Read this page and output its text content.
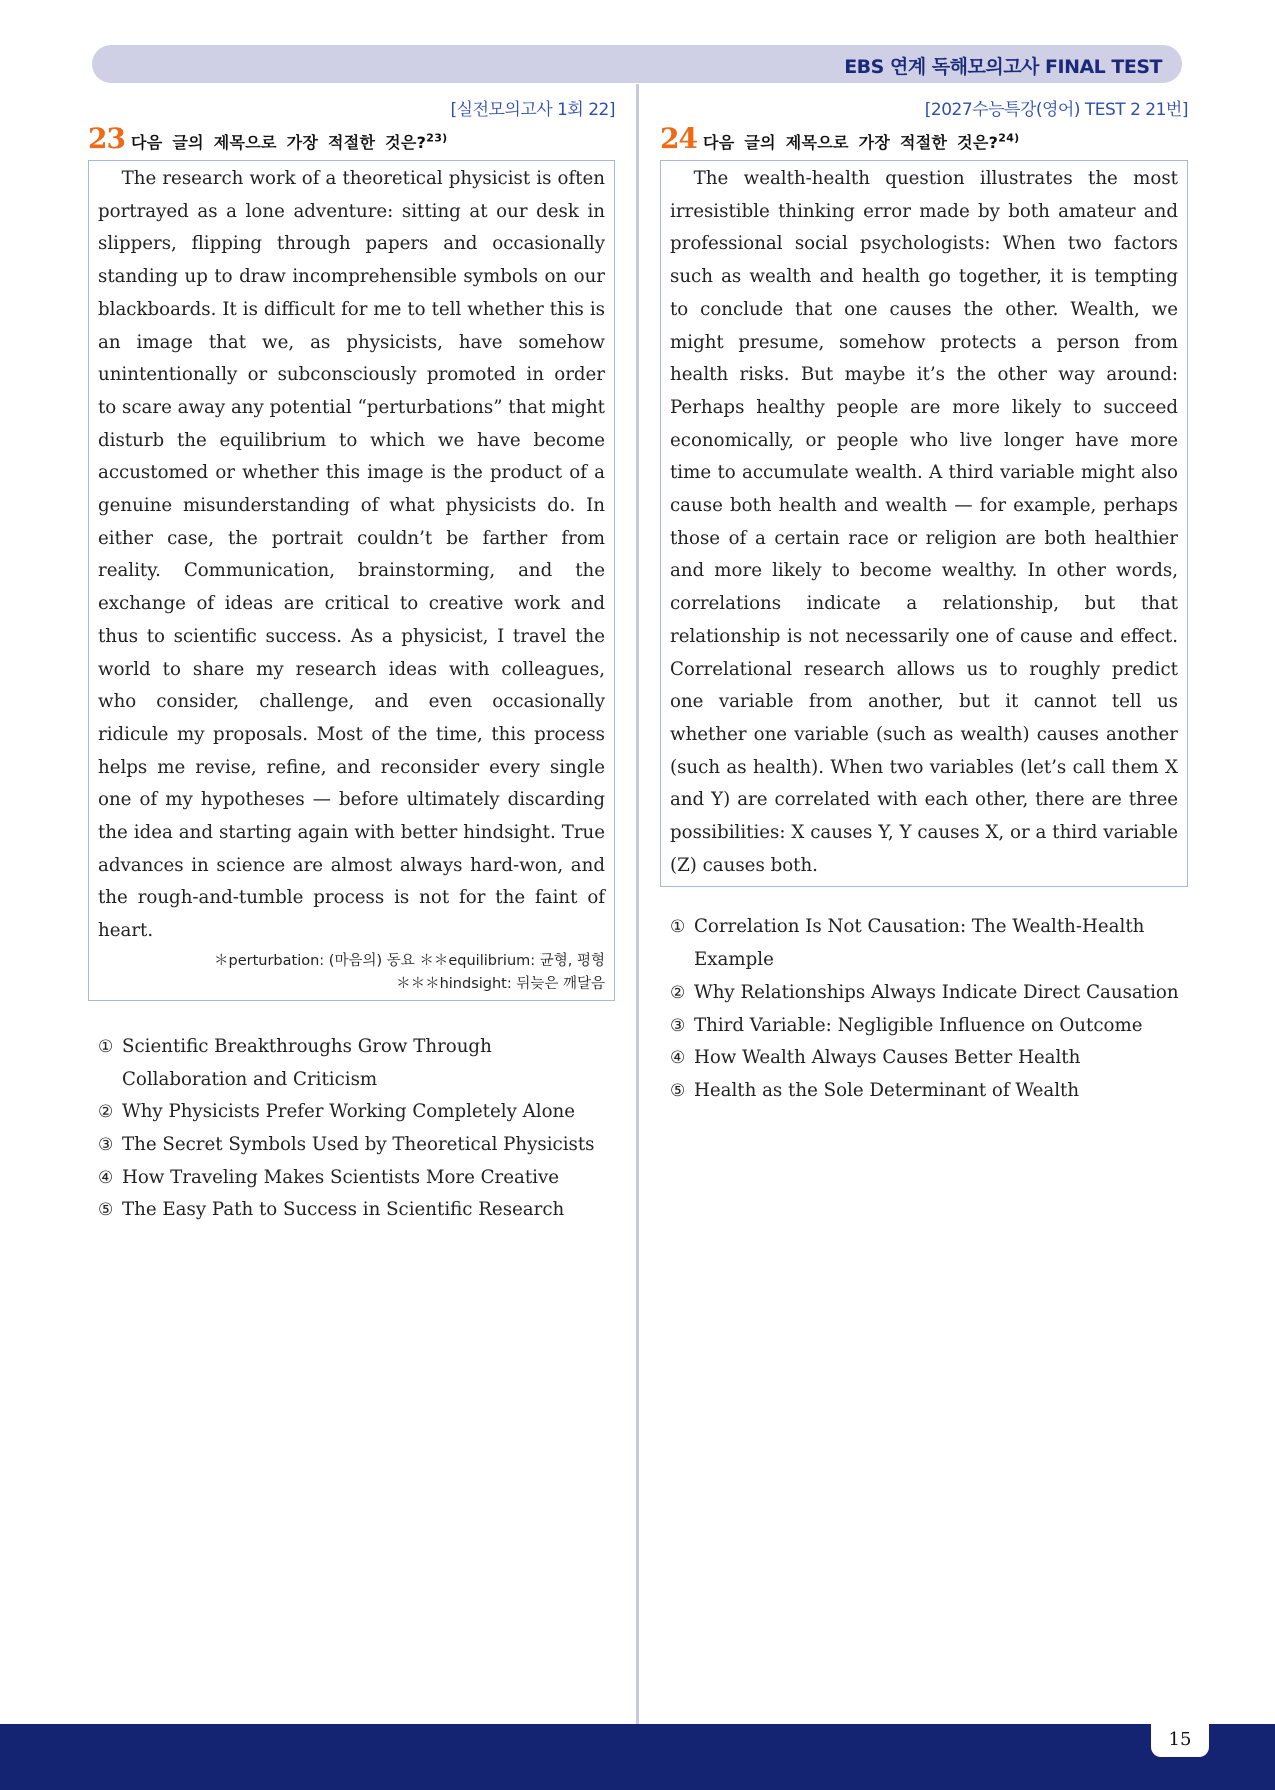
EBS 연계 독해모의고사 FINAL TEST
[실전모의고사 1회 22]
23 다음 글의 제목으로 가장 적절한 것은?$^{23)}$

The research work of a theoretical physicist is often portrayed as a lone adventure: sitting at our desk in slippers, flipping through papers and occasionally standing up to draw incomprehensible symbols on our blackboards. It is difficult for me to tell whether this is an image that we, as physicists, have somehow unintentionally or subconsciously promoted in order to scare away any potential “perturbations” that might disturb the equilibrium to which we have become accustomed or whether this image is the product of a genuine misunderstanding of what physicists do. In either case, the portrait couldn’t be farther from reality. Communication, brainstorming, and the exchange of ideas are critical to creative work and thus to scientific success. As a physicist, I travel the world to share my research ideas with colleagues, who consider, challenge, and even occasionally ridicule my proposals. Most of the time, this process helps me revise, refine, and reconsider every single one of my hypotheses — before ultimately discarding the idea and starting again with better hindsight. True advances in science are almost always hard-won, and the rough-and-tumble process is not for the faint of heart.

＊perturbation: (마음의) 동요 ＊＊equilibrium: 균형, 평형
＊＊＊hindsight: 뒤늦은 깨달음
① Scientific Breakthroughs Grow Through Collaboration and Criticism
② Why Physicists Prefer Working Completely Alone
③ The Secret Symbols Used by Theoretical Physicists
④ How Traveling Makes Scientists More Creative
⑤ The Easy Path to Success in Scientific Research
[2027수능특강(영어) TEST 2 21번]
24 다음 글의 제목으로 가장 적절한 것은?$^{24)}$

The wealth-health question illustrates the most irresistible thinking error made by both amateur and professional social psychologists: When two factors such as wealth and health go together, it is tempting to conclude that one causes the other. Wealth, we might presume, somehow protects a person from health risks. But maybe it’s the other way around: Perhaps healthy people are more likely to succeed economically, or people who live longer have more time to accumulate wealth. A third variable might also cause both health and wealth — for example, perhaps those of a certain race or religion are both healthier and more likely to become wealthy. In other words, correlations indicate a relationship, but that relationship is not necessarily one of cause and effect. Correlational research allows us to roughly predict one variable from another, but it cannot tell us whether one variable (such as wealth) causes another (such as health). When two variables (let’s call them X and Y) are correlated with each other, there are three possibilities: X causes Y, Y causes X, or a third variable (Z) causes both.

① Correlation Is Not Causation: The Wealth-Health Example
② Why Relationships Always Indicate Direct Causation
③ Third Variable: Negligible Influence on Outcome
④ How Wealth Always Causes Better Health
⑤ Health as the Sole Determinant of Wealth
15
